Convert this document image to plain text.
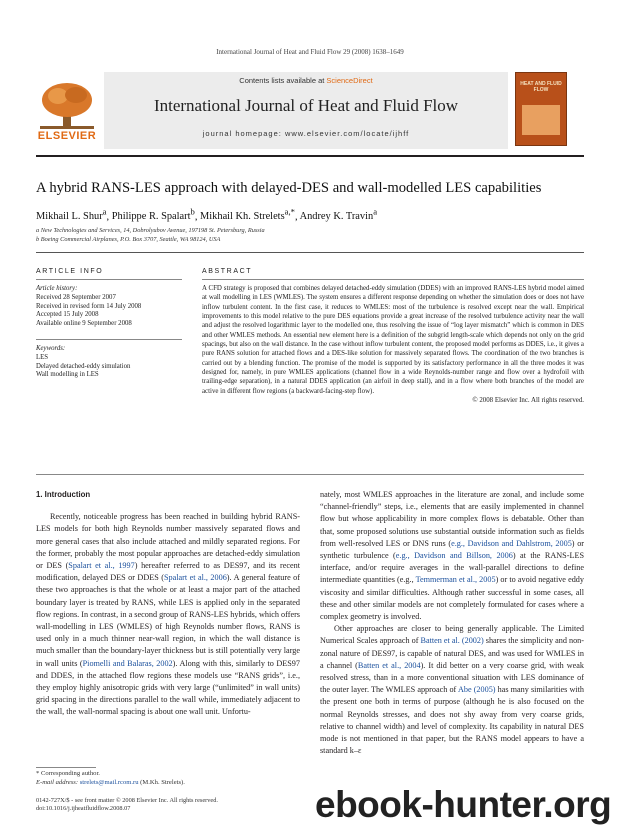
International Journal of Heat and Fluid Flow 29 (2008) 1638–1649
ELSEVIER
Contents lists available at ScienceDirect
International Journal of Heat and Fluid Flow
journal homepage: www.elsevier.com/locate/ijhff
HEAT AND FLUID FLOW
A hybrid RANS-LES approach with delayed-DES and wall-modelled LES capabilities
Mikhail L. Shur$^a$, Philippe R. Spalart$^b$, Mikhail Kh. Strelets$^{a,*}$, Andrey K. Travin$^a$
a New Technologies and Services, 14, Dobrolyubov Avenue, 197198 St. Petersburg, Russia
b Boeing Commercial Airplanes, P.O. Box 3707, Seattle, WA 98124, USA
ARTICLE INFO	ABSTRACT
Article history:
Received 28 September 2007
Received in revised form 14 July 2008
Accepted 15 July 2008
Available online 9 September 2008
Keywords:
LES
Delayed detached-eddy simulation
Wall modelling in LES
A CFD strategy is proposed that combines delayed detached-eddy simulation (DDES) with an improved RANS-LES hybrid model aimed at wall modelling in LES (WMLES). The system ensures a different response depending on whether the simulation does or does not have inflow turbulent content. In the first case, it reduces to WMLES: most of the turbulence is resolved except near the wall. Empirical improvements to this model relative to the pure DES equations provide a great increase of the resolved turbulence activity near the wall and adjust the resolved logarithmic layer to the modelled one, thus resolving the issue of “log layer mismatch” which is common in DES and other WMLES methods. An essential new element here is a definition of the subgrid length-scale which depends not only on the grid spacings, but also on the wall distance. In the case without inflow turbulent content, the proposed model performs as DDES, i.e., it gives a pure RANS solution for attached flows and a DES-like solution for massively separated flows. The coordination of the two branches is carried out by a blending function. The promise of the model is supported by its satisfactory performance in all the three modes it was designed for, namely, in pure WMLES applications (channel flow in a wide Reynolds-number range and flow over a hydrofoil with trailing-edge separation), in a natural DDES application (an airfoil in deep stall), and in a flow where both branches of the model are active in different flow regions (a backward-facing-step flow).
© 2008 Elsevier Inc. All rights reserved.
1. Introduction

Recently, noticeable progress has been reached in building hybrid RANS-LES models for both high Reynolds number massively separated flows and more general cases that also include attached and mildly separated regions. For the former, probably the most popular approaches are detached-eddy simulation or DES (Spalart et al., 1997) hereafter referred to as DES97, and its recent modification, delayed DES or DDES (Spalart et al., 2006). A general feature of these two approaches is that the whole or at least a major part of the attached boundary layer is treated by RANS, while LES is applied only in the separated flow regions. In contrast, in a second group of RANS-LES hybrids, which offers wall-modelling in LES (WMLES) of high Reynolds number flows, RANS is used only in a much thinner near-wall region, in which the wall distance is much smaller than the boundary-layer thickness but is still potentially very large in wall units (Piomelli and Balaras, 2002). Along with this, similarly to DES97 and DDES, in the attached flow regions these models use “RANS grids”, i.e., they employ highly anisotropic grids with very large (“unlimited” in wall units) grid spacing in the directions parallel to the wall while, immediately adjacent to the wall, the wall-normal spacing is about one wall unit. Unfortu-

nately, most WMLES approaches in the literature are zonal, and include some “channel-friendly” steps, i.e., elements that are easily implemented in channel flow but whose applicability in more complex flows is debatable. Other than that, some proposed solutions use substantial outside information such as fields from well-resolved LES or DNS runs (e.g., Davidson and Dahlstrom, 2005) or synthetic turbulence (e.g., Davidson and Billson, 2006) at the RANS-LES interface, and/or require averages in the wall-parallel directions to define intermediate quantities (e.g., Temmerman et al., 2005) or to avoid negative eddy viscosity and similar difficulties. Although rather successful in some cases, all these and other similar models are not completely formulated for cases where a complex geometry is involved.

Other approaches are closer to being generally applicable. The Limited Numerical Scales approach of Batten et al. (2002) shares the simplicity and non-zonal nature of DES97, is capable of natural DES, and was used for WMLES in a channel (Batten et al., 2004). It did better on a very coarse grid, with weak resolved stress, than in a more conventional situation with LES dominance of the outer layer. The WMLES approach of Abe (2005) has many similarities with the present one both in terms of purpose (although he is also focused on the normal Reynolds stresses, and does not shy away from very coarse grids, relative to channel width) and level of complexity. Its capability in natural DES mode is not mentioned in that paper, but the RANS model appears to have a standard k–ε

* Corresponding author.
E-mail address: strelets@mail.rcom.ru (M.Kh. Strelets).
0142-727X/$ - see front matter © 2008 Elsevier Inc. All rights reserved.
doi:10.1016/j.ijheatfluidflow.2008.07	ebook-hunter.org
